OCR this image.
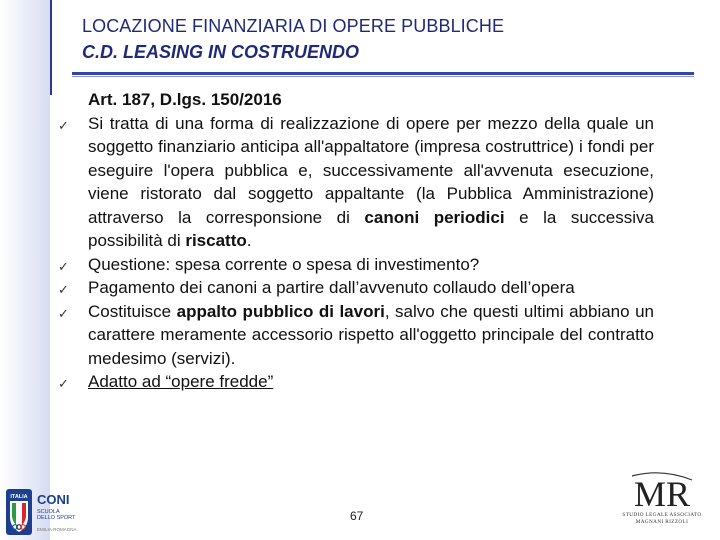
LOCAZIONE FINANZIARIA DI OPERE PUBBLICHE
C.D. LEASING IN COSTRUENDO

Art. 187, D.lgs. 150/2016

✓ Si tratta di una forma di realizzazione di opere per mezzo della quale un soggetto finanziario anticipa all'appaltatore (impresa costruttrice) i fondi per eseguire l'opera pubblica e, successivamente all'avvenuta esecuzione, viene ristorato dal soggetto appaltante (la Pubblica Amministrazione) attraverso la corresponsione di canoni periodici e la successiva possibilità di riscatto.

✓ Questione: spesa corrente o spesa di investimento?

✓ Pagamento dei canoni a partire dall’avvenuto collaudo dell’opera

✓ Costituisce appalto pubblico di lavori, salvo che questi ultimi abbiano un carattere meramente accessorio rispetto all'oggetto principale del contratto medesimo (servizi).

✓ Adatto ad “opere fredde”

ITALIA CONI
SCUOLA
DELLO SPORT
EMILIA-ROMAGNA
67
MR
STUDIO LEGALE ASSOCIATO
MAGNANI RIZZOLI
